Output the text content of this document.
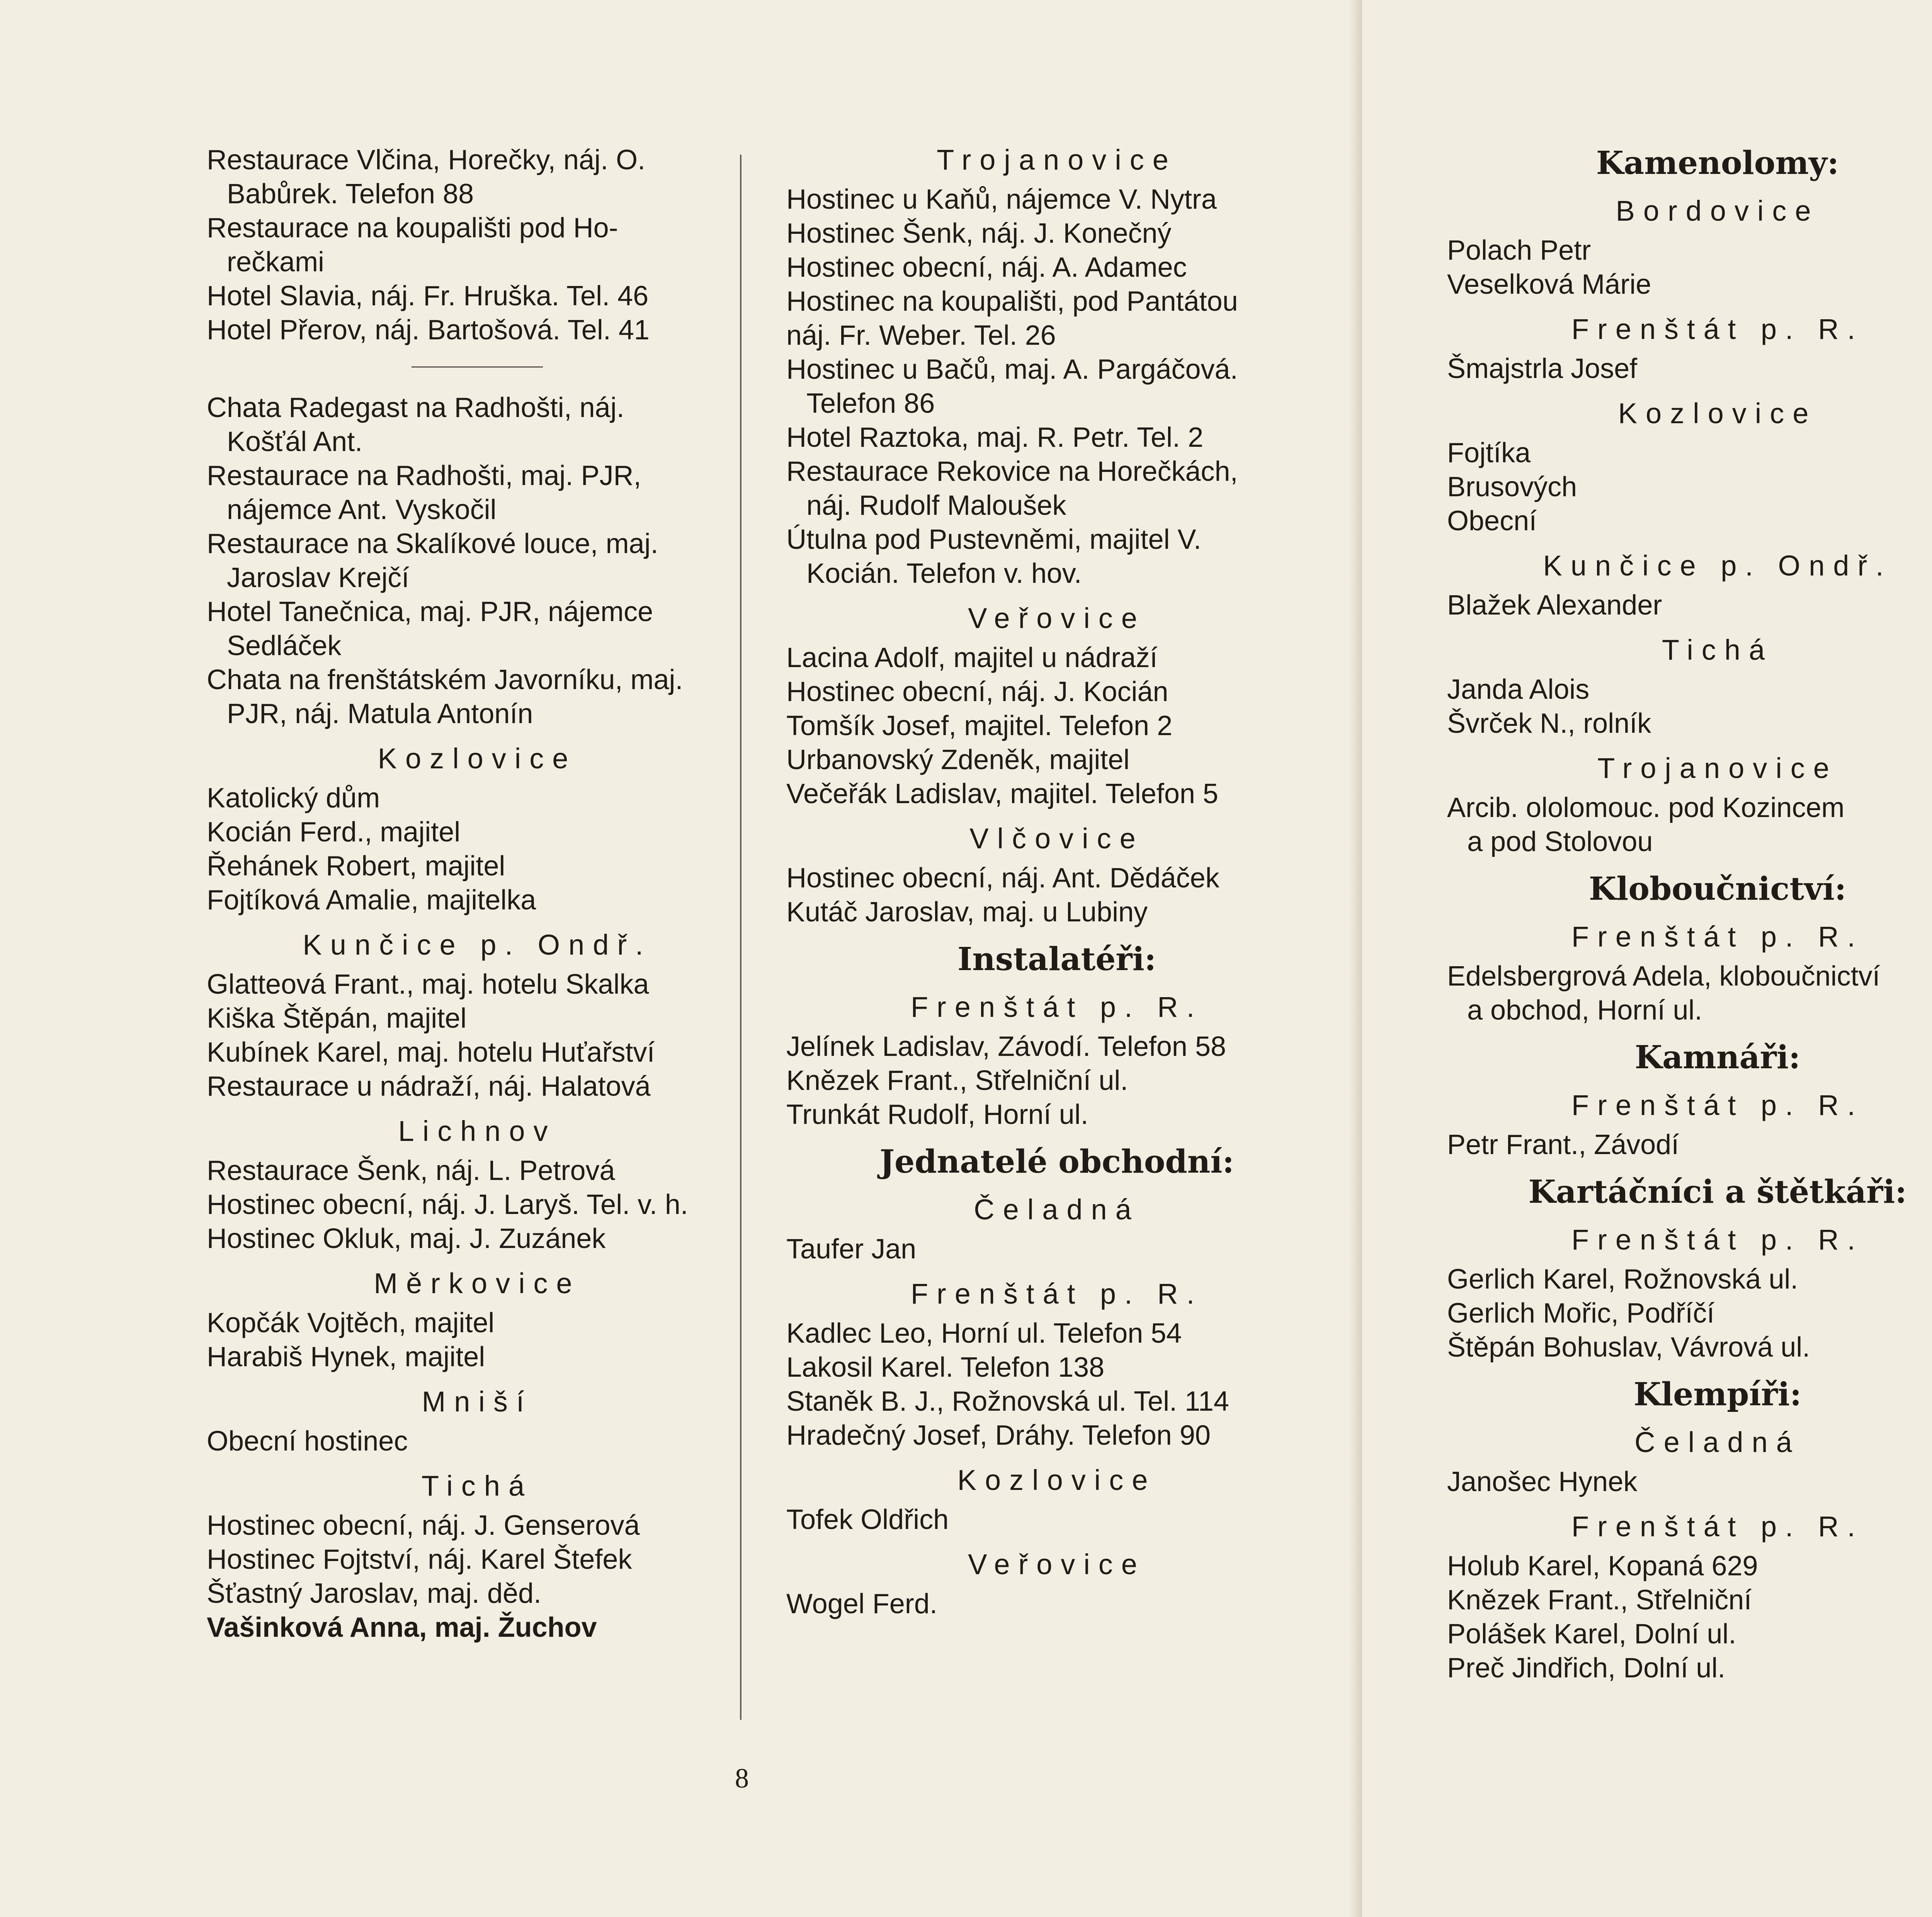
Restaurace Vlčina, Horečky, náj. O.
Babůrek. Telefon 88
Restaurace na koupališti pod Ho-
rečkami
Hotel Slavia, náj. Fr. Hruška. Tel. 46
Hotel Přerov, náj. Bartošová. Tel. 41
Chata Radegast na Radhošti, náj.
Košťál Ant.
Restaurace na Radhošti, maj. PJR,
nájemce Ant. Vyskočil
Restaurace na Skalíkové louce, maj.
Jaroslav Krejčí
Hotel Tanečnica, maj. PJR, nájemce
Sedláček
Chata na frenštátském Javorníku, maj.
PJR, náj. Matula Antonín
Kozlovice
Katolický dům
Kocián Ferd., majitel
Řehánek Robert, majitel
Fojtíková Amalie, majitelka
Kunčice p. Ondř.
Glatteová Frant., maj. hotelu Skalka
Kiška Štěpán, majitel
Kubínek Karel, maj. hotelu Huťařství
Restaurace u nádraží, náj. Halatová
Lichnov
Restaurace Šenk, náj. L. Petrová
Hostinec obecní, náj. J. Laryš. Tel. v. h.
Hostinec Okluk, maj. J. Zuzánek
Měrkovice
Kopčák Vojtěch, majitel
Harabiš Hynek, majitel
Mniší
Obecní hostinec
Tichá
Hostinec obecní, náj. J. Genserová
Hostinec Fojtství, náj. Karel Štefek
Šťastný Jaroslav, maj. děd.
Vašinková Anna, maj. Žuchov
Trojanovice
Hostinec u Kaňů, nájemce V. Nytra
Hostinec Šenk, náj. J. Konečný
Hostinec obecní, náj. A. Adamec
Hostinec na koupališti, pod Pantátou
náj. Fr. Weber. Tel. 26
Hostinec u Bačů, maj. A. Pargáčová.
Telefon 86
Hotel Raztoka, maj. R. Petr. Tel. 2
Restaurace Rekovice na Horečkách,
náj. Rudolf Maloušek
Útulna pod Pustevněmi, majitel V.
Kocián. Telefon v. hov.
Veřovice
Lacina Adolf, majitel u nádraží
Hostinec obecní, náj. J. Kocián
Tomšík Josef, majitel. Telefon 2
Urbanovský Zdeněk, majitel
Večeřák Ladislav, majitel. Telefon 5
Vlčovice
Hostinec obecní, náj. Ant. Dědáček
Kutáč Jaroslav, maj. u Lubiny
Instalatéři:
Frenštát p. R.
Jelínek Ladislav, Závodí. Telefon 58
Knězek Frant., Střelniční ul.
Trunkát Rudolf, Horní ul.
Jednatelé obchodní:
Čeladná
Taufer Jan
Frenštát p. R.
Kadlec Leo, Horní ul. Telefon 54
Lakosil Karel. Telefon 138
Staněk B. J., Rožnovská ul. Tel. 114
Hradečný Josef, Dráhy. Telefon 90
Kozlovice
Tofek Oldřich
Veřovice
Wogel Ferd.
8
Kamenolomy:
Bordovice
Polach Petr
Veselková Márie
Frenštát p. R.
Šmajstrla Josef
Kozlovice
Fojtíka
Brusových
Obecní
Kunčice p. Ondř.
Blažek Alexander
Tichá
Janda Alois
Švrček N., rolník
Trojanovice
Arcib. ololomouc. pod Kozincem
a pod Stolovou
Kloboučnictví:
Frenštát p. R.
Edelsbergrová Adela, kloboučnictví
a obchod, Horní ul.
Kamnáři:
Frenštát p. R.
Petr Frant., Závodí
Kartáčníci a štětkáři:
Frenštát p. R.
Gerlich Karel, Rožnovská ul.
Gerlich Mořic, Podříčí
Štěpán Bohuslav, Vávrová ul.
Klempíři:
Čeladná
Janošec Hynek
Frenštát p. R.
Holub Karel, Kopaná 629
Knězek Frant., Střelniční
Polášek Karel, Dolní ul.
Preč Jindřich, Dolní ul.
